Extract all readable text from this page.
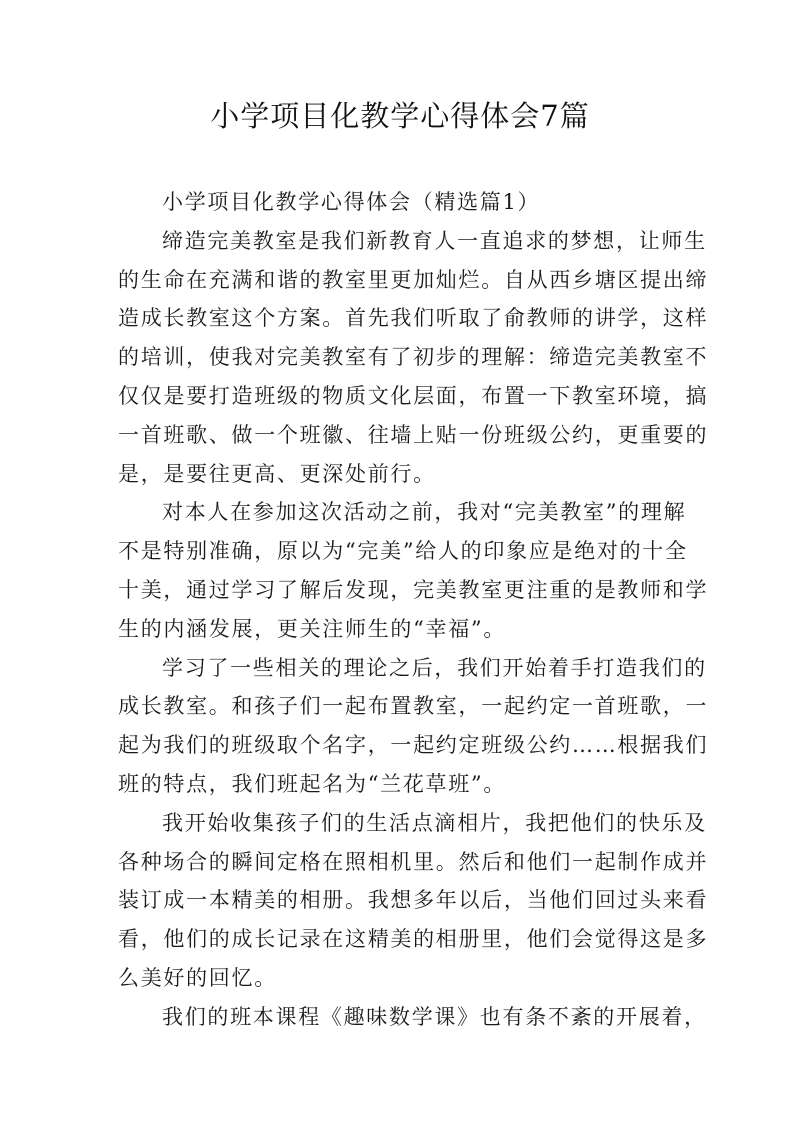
小学项目化教学心得体会7篇
小学项目化教学心得体会（精选篇1）
缔造完美教室是我们新教育人一直追求的梦想，让师生
的生命在充满和谐的教室里更加灿烂。自从西乡塘区提出缔
造成长教室这个方案。首先我们听取了俞教师的讲学，这样
的培训，使我对完美教室有了初步的理解：缔造完美教室不
仅仅是要打造班级的物质文化层面，布置一下教室环境，搞
一首班歌、做一个班徽、往墙上贴一份班级公约，更重要的
是，是要往更高、更深处前行。
对本人在参加这次活动之前，我对“完美教室”的理解
不是特别准确，原以为“完美”给人的印象应是绝对的十全
十美，通过学习了解后发现，完美教室更注重的是教师和学
生的内涵发展，更关注师生的“幸福”。
学习了一些相关的理论之后，我们开始着手打造我们的
成长教室。和孩子们一起布置教室，一起约定一首班歌，一
起为我们的班级取个名字，一起约定班级公约……根据我们
班的特点，我们班起名为“兰花草班”。
我开始收集孩子们的生活点滴相片，我把他们的快乐及
各种场合的瞬间定格在照相机里。然后和他们一起制作成并
装订成一本精美的相册。我想多年以后，当他们回过头来看
看，他们的成长记录在这精美的相册里，他们会觉得这是多
么美好的回忆。
我们的班本课程《趣味数学课》也有条不紊的开展着，
